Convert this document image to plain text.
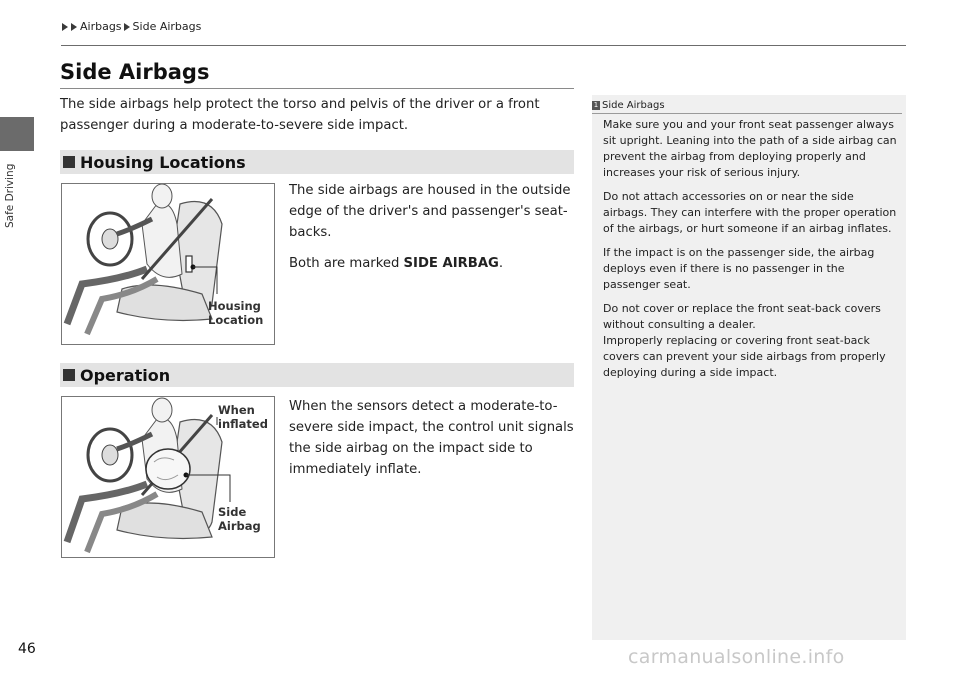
Airbags Side Airbags
Safe Driving
Side Airbags
The side airbags help protect the torso and pelvis of the driver or a front passenger during a moderate-to-severe side impact.
Housing Locations
Housing Location
The side airbags are housed in the outside edge of the driver's and passenger's seat-backs.
Both are marked SIDE AIRBAG.
Operation
When inflated
Side Airbag
When the sensors detect a moderate-to-severe side impact, the control unit signals the side airbag on the impact side to immediately inflate.
1 Side Airbags

Make sure you and your front seat passenger always sit upright. Leaning into the path of a side airbag can prevent the airbag from deploying properly and increases your risk of serious injury.

Do not attach accessories on or near the side airbags. They can interfere with the proper operation of the airbags, or hurt someone if an airbag inflates.

If the impact is on the passenger side, the airbag deploys even if there is no passenger in the passenger seat.

Do not cover or replace the front seat-back covers without consulting a dealer.
Improperly replacing or covering front seat-back covers can prevent your side airbags from properly deploying during a side impact.

46	carmanualsonline.info
